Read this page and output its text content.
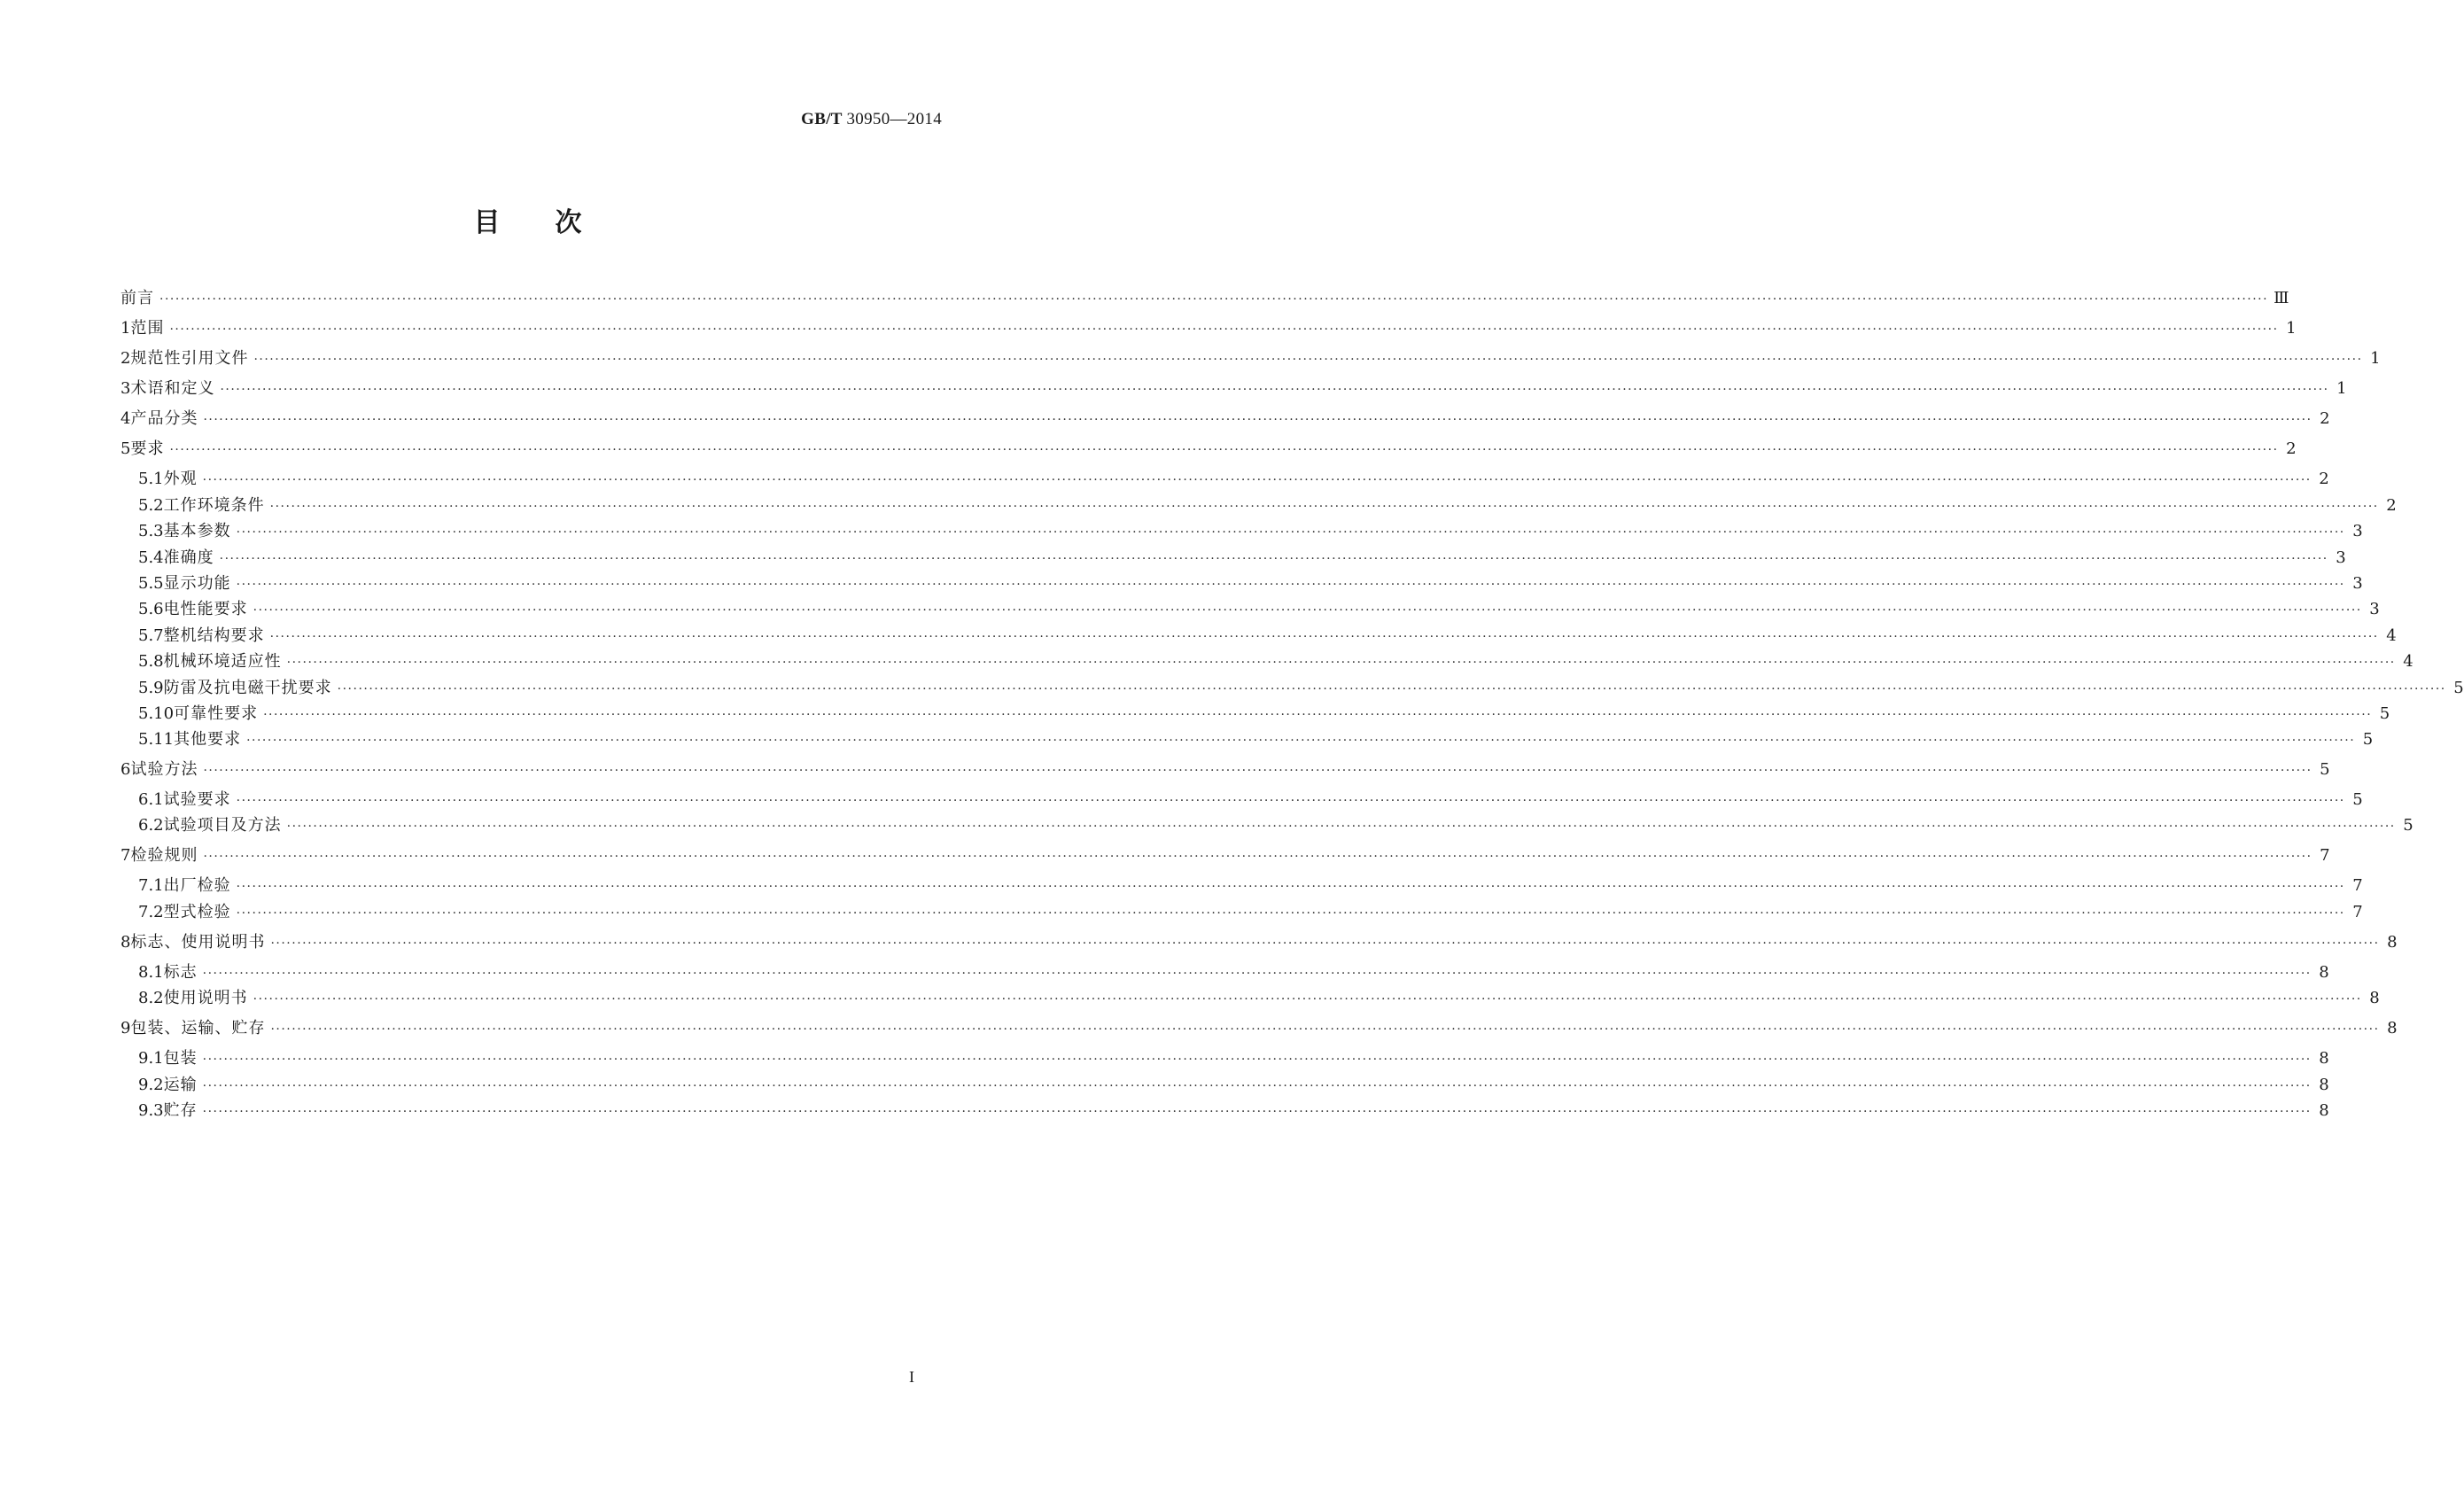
GB/T 30950—2014
目次
前言 ················································································································································································································································································································································································································ Ⅲ
1 范围 ················································································································································································································································································································································································································ 1
2 规范性引用文件 ················································································································································································································································································································································································································ 1
3 术语和定义 ················································································································································································································································································································································································································ 1
4 产品分类 ················································································································································································································································································································································································································ 2
5 要求 ················································································································································································································································································································································································································ 2
5.1 外观 ················································································································································································································································································································································································································ 2
5.2 工作环境条件 ················································································································································································································································································································································································································ 2
5.3 基本参数 ················································································································································································································································································································································································································ 3
5.4 准确度 ················································································································································································································································································································································································································ 3
5.5 显示功能 ················································································································································································································································································································································································································ 3
5.6 电性能要求 ················································································································································································································································································································································································································ 3
5.7 整机结构要求 ················································································································································································································································································································································································································ 4
5.8 机械环境适应性 ················································································································································································································································································································································································································ 4
5.9 防雷及抗电磁干扰要求 ················································································································································································································································································································································································································ 5
5.10 可靠性要求 ················································································································································································································································································································································································································ 5
5.11 其他要求 ················································································································································································································································································································································································································ 5
6 试验方法 ················································································································································································································································································································································································································ 5
6.1 试验要求 ················································································································································································································································································································································································································ 5
6.2 试验项目及方法 ················································································································································································································································································································································································································ 5
7 检验规则 ················································································································································································································································································································································································································ 7
7.1 出厂检验 ················································································································································································································································································································································································································ 7
7.2 型式检验 ················································································································································································································································································································································································································ 7
8 标志、使用说明书 ················································································································································································································································································································································································································ 8
8.1 标志 ················································································································································································································································································································································································································ 8
8.2 使用说明书 ················································································································································································································································································································································································································ 8
9 包装、运输、贮存 ················································································································································································································································································································································································································ 8
9.1 包装 ················································································································································································································································································································································································································ 8
9.2 运输 ················································································································································································································································································································································································································ 8
9.3 贮存 ················································································································································································································································································································································································································ 8
I
